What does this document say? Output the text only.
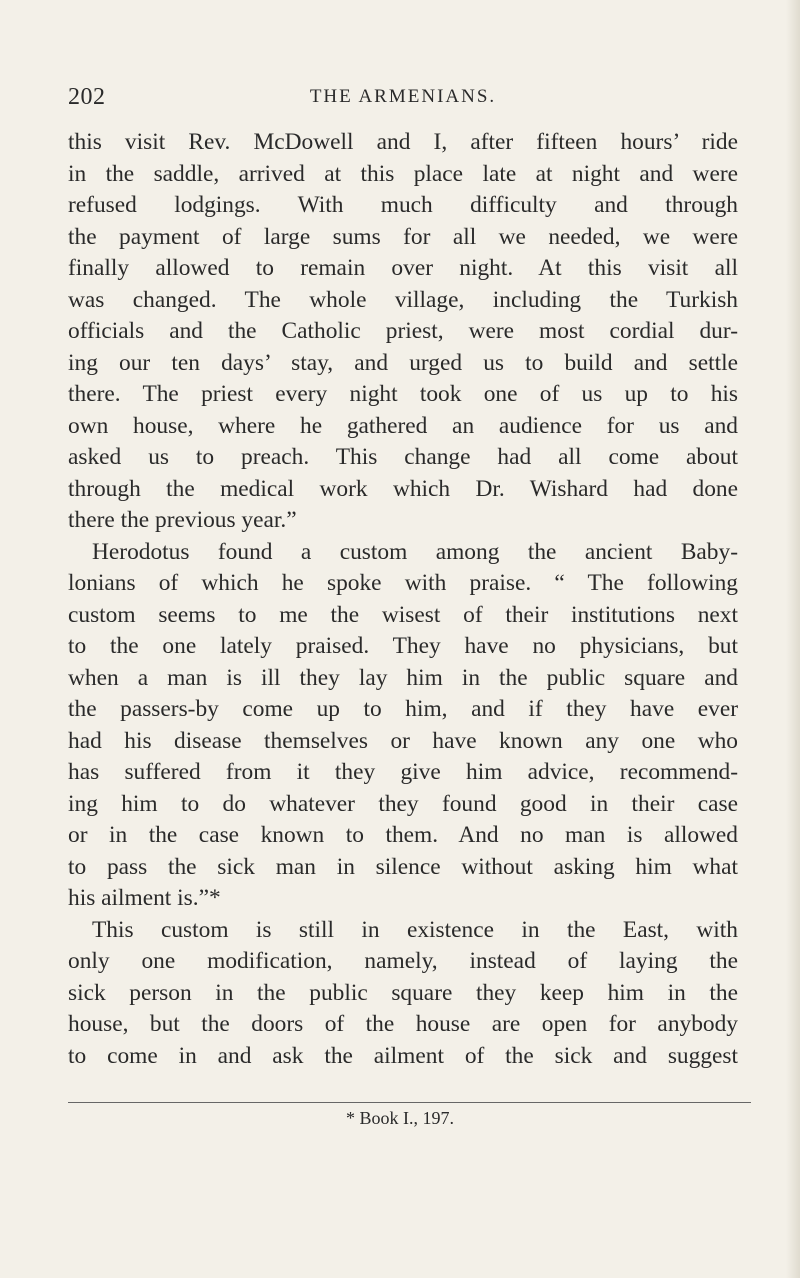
202	THE ARMENIANS.
this visit Rev. McDowell and I, after fifteen hours’ ride
in the saddle, arrived at this place late at night and were
refused lodgings. With much difficulty and through
the payment of large sums for all we needed, we were
finally allowed to remain over night. At this visit all
was changed. The whole village, including the Turkish
officials and the Catholic priest, were most cordial dur-
ing our ten days’ stay, and urged us to build and settle
there. The priest every night took one of us up to his
own house, where he gathered an audience for us and
asked us to preach. This change had all come about
through the medical work which Dr. Wishard had done
there the previous year.”
Herodotus found a custom among the ancient Baby-
lonians of which he spoke with praise. “ The following
custom seems to me the wisest of their institutions next
to the one lately praised. They have no physicians, but
when a man is ill they lay him in the public square and
the passers-by come up to him, and if they have ever
had his disease themselves or have known any one who
has suffered from it they give him advice, recommend-
ing him to do whatever they found good in their case
or in the case known to them. And no man is allowed
to pass the sick man in silence without asking him what
his ailment is.”*
This custom is still in existence in the East, with
only one modification, namely, instead of laying the
sick person in the public square they keep him in the
house, but the doors of the house are open for anybody
to come in and ask the ailment of the sick and suggest
* Book I., 197.
